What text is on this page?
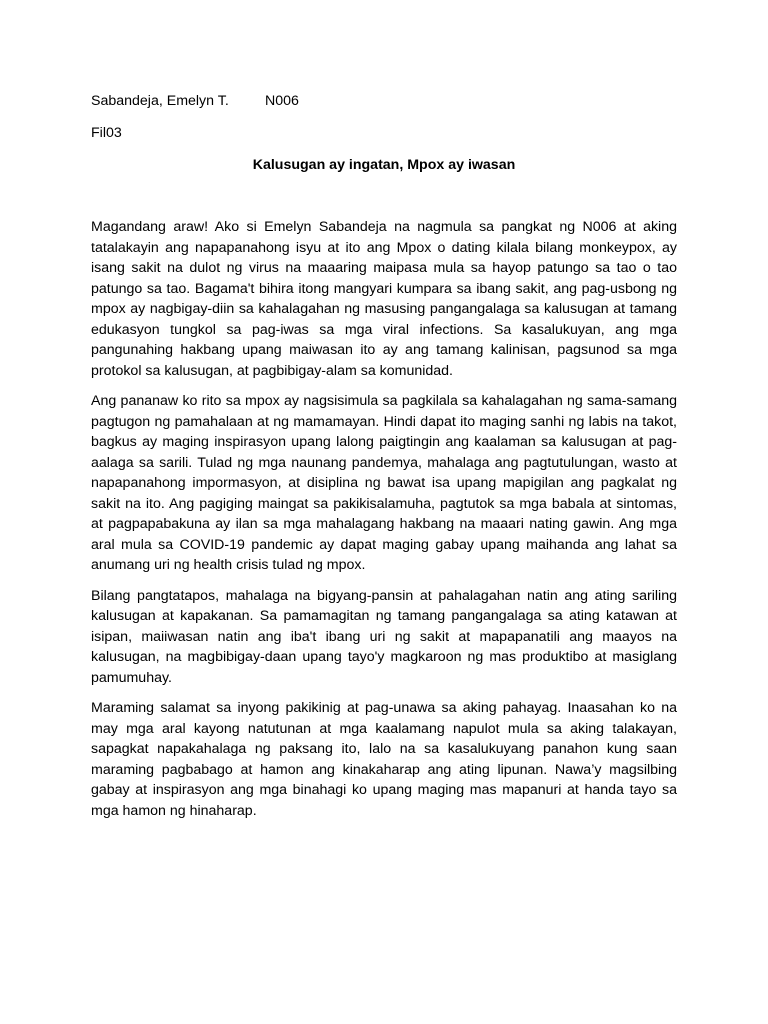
Sabandeja, Emelyn T.	N006
Fil03
Kalusugan ay ingatan, Mpox ay iwasan

Magandang araw! Ako si Emelyn Sabandeja na nagmula sa pangkat ng N006 at aking tatalakayin ang napapanahong isyu at ito ang Mpox o dating kilala bilang monkeypox, ay isang sakit na dulot ng virus na maaaring maipasa mula sa hayop patungo sa tao o tao patungo sa tao. Bagama't bihira itong mangyari kumpara sa ibang sakit, ang pag-usbong ng mpox ay nagbigay-diin sa kahalagahan ng masusing pangangalaga sa kalusugan at tamang edukasyon tungkol sa pag-iwas sa mga viral infections. Sa kasalukuyan, ang mga pangunahing hakbang upang maiwasan ito ay ang tamang kalinisan, pagsunod sa mga protokol sa kalusugan, at pagbibigay-alam sa komunidad.

Ang pananaw ko rito sa mpox ay nagsisimula sa pagkilala sa kahalagahan ng sama-samang pagtugon ng pamahalaan at ng mamamayan. Hindi dapat ito maging sanhi ng labis na takot, bagkus ay maging inspirasyon upang lalong paigtingin ang kaalaman sa kalusugan at pag-aalaga sa sarili. Tulad ng mga naunang pandemya, mahalaga ang pagtutulungan, wasto at napapanahong impormasyon, at disiplina ng bawat isa upang mapigilan ang pagkalat ng sakit na ito. Ang pagiging maingat sa pakikisalamuha, pagtutok sa mga babala at sintomas, at pagpapabakuna ay ilan sa mga mahalagang hakbang na maaari nating gawin. Ang mga aral mula sa COVID-19 pandemic ay dapat maging gabay upang maihanda ang lahat sa anumang uri ng health crisis tulad ng mpox.

Bilang pangtatapos, mahalaga na bigyang-pansin at pahalagahan natin ang ating sariling kalusugan at kapakanan. Sa pamamagitan ng tamang pangangalaga sa ating katawan at isipan, maiiwasan natin ang iba't ibang uri ng sakit at mapapanatili ang maayos na kalusugan, na magbibigay-daan upang tayo'y magkaroon ng mas produktibo at masiglang pamumuhay.

Maraming salamat sa inyong pakikinig at pag-unawa sa aking pahayag. Inaasahan ko na may mga aral kayong natutunan at mga kaalamang napulot mula sa aking talakayan, sapagkat napakahalaga ng paksang ito, lalo na sa kasalukuyang panahon kung saan maraming pagbabago at hamon ang kinakaharap ang ating lipunan. Nawa’y magsilbing gabay at inspirasyon ang mga binahagi ko upang maging mas mapanuri at handa tayo sa mga hamon ng hinaharap.
